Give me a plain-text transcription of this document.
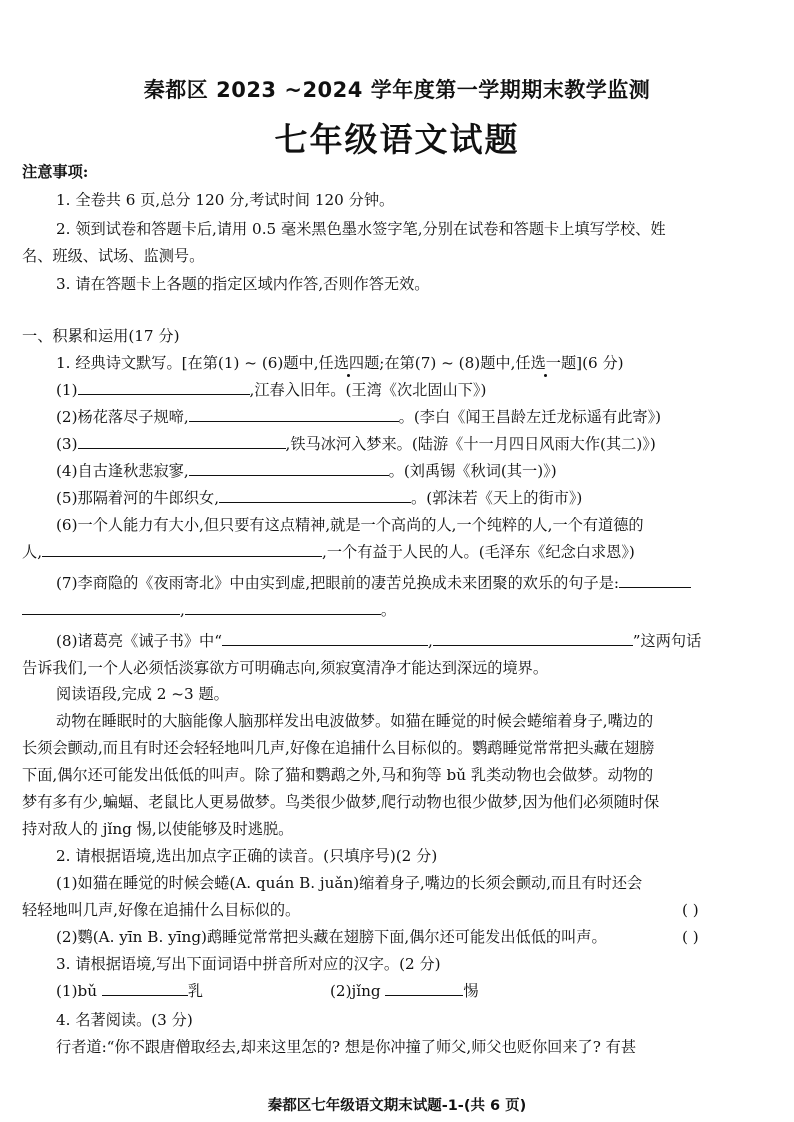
秦都区 2023 ~2024 学年度第一学期期末教学监测
七年级语文试题
注意事项:
1. 全卷共 6 页,总分 120 分,考试时间 120 分钟。
2. 领到试卷和答题卡后,请用 0.5 毫米黑色墨水签字笔,分别在试卷和答题卡上填写学校、姓
名、班级、试场、监测号。
3. 请在答题卡上各题的指定区域内作答,否则作答无效。
一、积累和运用(17 分)
1. 经典诗文默写。[在第(1) ~ (6)题中,任选四题;在第(7) ~ (8)题中,任选一题](6 分)
(1)	,江春入旧年。(王湾《次北固山下》)
(2)杨花落尽子规啼,	。(李白《闻王昌龄左迁龙标遥有此寄》)
(3)	,铁马冰河入梦来。(陆游《十一月四日风雨大作(其二)》)
(4)自古逢秋悲寂寥,	。(刘禹锡《秋词(其一)》)
(5)那隔着河的牛郎织女,	。(郭沫若《天上的街市》)
(6)一个人能力有大小,但只要有这点精神,就是一个高尚的人,一个纯粹的人,一个有道德的
人,	,一个有益于人民的人。(毛泽东《纪念白求恩》)
(7)李商隐的《夜雨寄北》中由实到虚,把眼前的凄苦兑换成未来团聚的欢乐的句子是:
,	。
(8)诸葛亮《诫子书》中“	,	”这两句话
告诉我们,一个人必须恬淡寡欲方可明确志向,须寂寞清净才能达到深远的境界。
阅读语段,完成 2 ~3 题。
动物在睡眠时的大脑能像人脑那样发出电波做梦。如猫在睡觉的时候会蜷缩着身子,嘴边的
长须会颤动,而且有时还会轻轻地叫几声,好像在追捕什么目标似的。鹦鹉睡觉常常把头藏在翅膀
下面,偶尔还可能发出低低的叫声。除了猫和鹦鹉之外,马和狗等 bǔ 乳类动物也会做梦。动物的
梦有多有少,蝙蝠、老鼠比人更易做梦。鸟类很少做梦,爬行动物也很少做梦,因为他们必须随时保
持对敌人的 jǐng 惕,以使能够及时逃脱。
2. 请根据语境,选出加点字正确的读音。(只填序号)(2 分)
(1)如猫在睡觉的时候会蜷(A. quán B. juǎn)缩着身子,嘴边的长须会颤动,而且有时还会
轻轻地叫几声,好像在追捕什么目标似的。	( )
(2)鹦(A. yīn B. yīng)鹉睡觉常常把头藏在翅膀下面,偶尔还可能发出低低的叫声。	( )
3. 请根据语境,写出下面词语中拼音所对应的汉字。(2 分)
(1)bǔ	乳	(2)jǐng	惕
4. 名著阅读。(3 分)
行者道:“你不跟唐僧取经去,却来这里怎的? 想是你冲撞了师父,师父也贬你回来了? 有甚
秦都区七年级语文期末试题-1-(共 6 页)
